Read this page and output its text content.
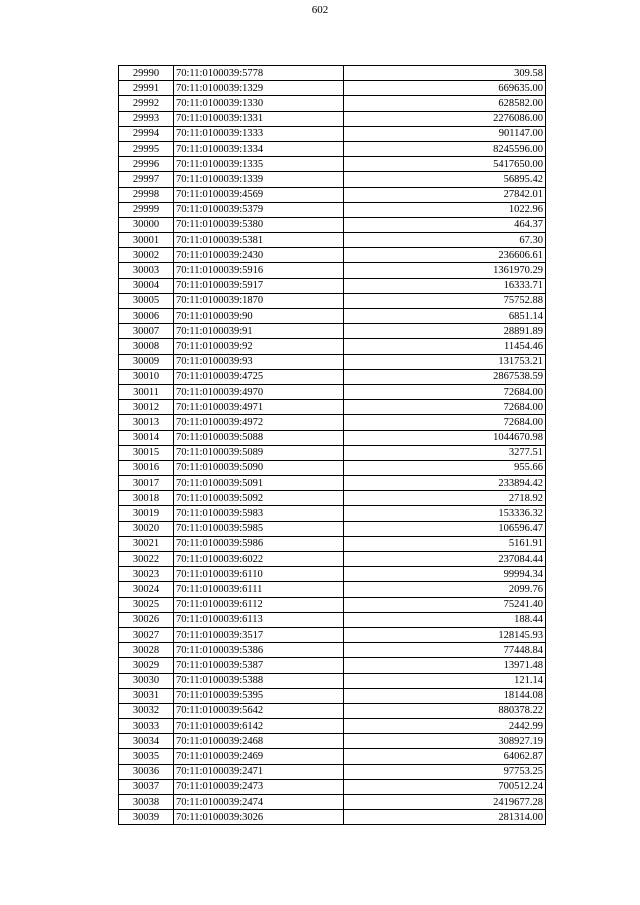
602
29990	70:11:0100039:5778	309.58
29991	70:11:0100039:1329	669635.00
29992	70:11:0100039:1330	628582.00
29993	70:11:0100039:1331	2276086.00
29994	70:11:0100039:1333	901147.00
29995	70:11:0100039:1334	8245596.00
29996	70:11:0100039:1335	5417650.00
29997	70:11:0100039:1339	56895.42
29998	70:11:0100039:4569	27842.01
29999	70:11:0100039:5379	1022.96
30000	70:11:0100039:5380	464.37
30001	70:11:0100039:5381	67.30
30002	70:11:0100039:2430	236606.61
30003	70:11:0100039:5916	1361970.29
30004	70:11:0100039:5917	16333.71
30005	70:11:0100039:1870	75752.88
30006	70:11:0100039:90	6851.14
30007	70:11:0100039:91	28891.89
30008	70:11:0100039:92	11454.46
30009	70:11:0100039:93	131753.21
30010	70:11:0100039:4725	2867538.59
30011	70:11:0100039:4970	72684.00
30012	70:11:0100039:4971	72684.00
30013	70:11:0100039:4972	72684.00
30014	70:11:0100039:5088	1044670.98
30015	70:11:0100039:5089	3277.51
30016	70:11:0100039:5090	955.66
30017	70:11:0100039:5091	233894.42
30018	70:11:0100039:5092	2718.92
30019	70:11:0100039:5983	153336.32
30020	70:11:0100039:5985	106596.47
30021	70:11:0100039:5986	5161.91
30022	70:11:0100039:6022	237084.44
30023	70:11:0100039:6110	99994.34
30024	70:11:0100039:6111	2099.76
30025	70:11:0100039:6112	75241.40
30026	70:11:0100039:6113	188.44
30027	70:11:0100039:3517	128145.93
30028	70:11:0100039:5386	77448.84
30029	70:11:0100039:5387	13971.48
30030	70:11:0100039:5388	121.14
30031	70:11:0100039:5395	18144.08
30032	70:11:0100039:5642	880378.22
30033	70:11:0100039:6142	2442.99
30034	70:11:0100039:2468	308927.19
30035	70:11:0100039:2469	64062.87
30036	70:11:0100039:2471	97753.25
30037	70:11:0100039:2473	700512.24
30038	70:11:0100039:2474	2419677.28
30039	70:11:0100039:3026	281314.00
